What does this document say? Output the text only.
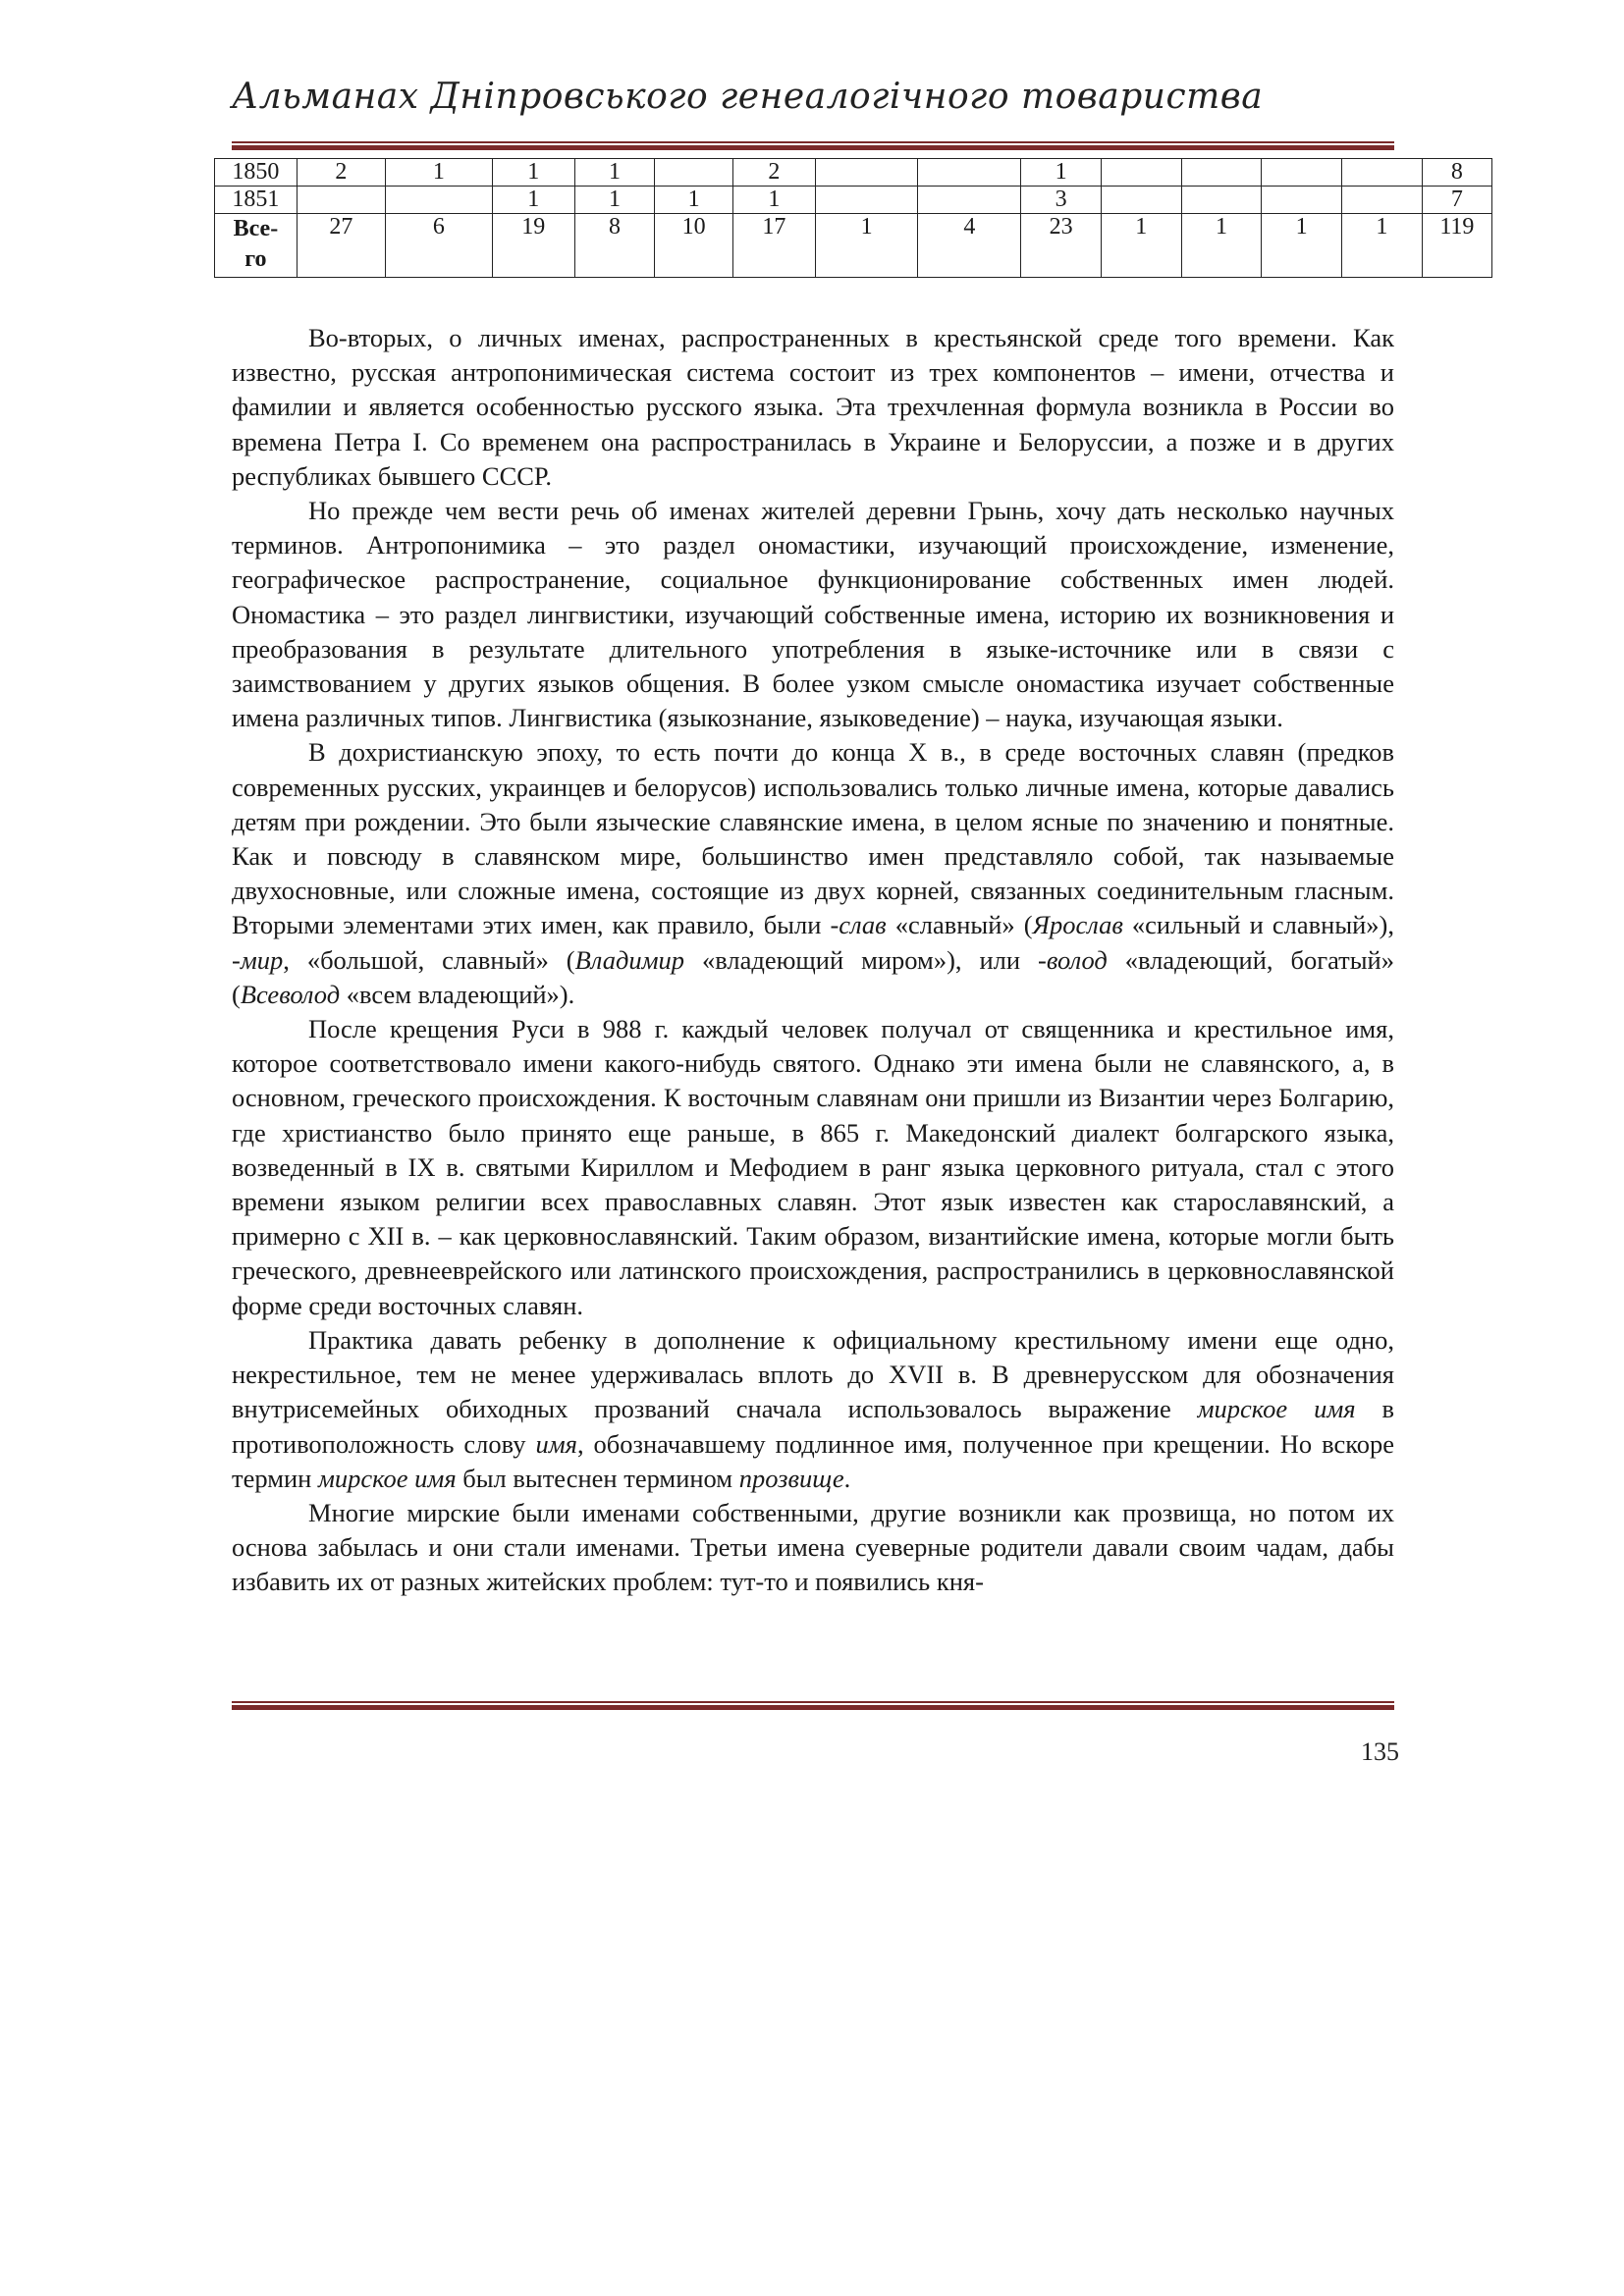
Альманах Дніпровського генеалогічного товариства
1850	2	1	1	1		2			1					8
1851			1	1	1	1			3					7
Все-
го	27	6	19	8	10	17	1	4	23	1	1	1	1	119

Во-вторых, о личных именах, распространенных в крестьянской среде того времени. Как известно, русская антропонимическая система состоит из трех компонентов – имени, отчества и фамилии и является особенностью русского языка. Эта трехчленная формула возникла в России во времена Петра I. Со временем она распространилась в Украине и Белоруссии, а позже и в других республиках бывшего СССР.

Но прежде чем вести речь об именах жителей деревни Грынь, хочу дать несколько научных терминов. Антропонимика – это раздел ономастики, изучающий происхождение, изменение, географическое распространение, социальное функционирование собственных имен людей. Ономастика – это раздел лингвистики, изучающий собственные имена, историю их возникновения и преобразования в результате длительного употребления в языке-источнике или в связи с заимствованием у других языков общения. В более узком смысле ономастика изучает собственные имена различных типов. Лингвистика (языкознание, языковедение) – наука, изучающая языки.

В дохристианскую эпоху, то есть почти до конца X в., в среде восточных славян (предков современных русских, украинцев и белорусов) использовались только личные имена, которые давались детям при рождении. Это были языческие славянские имена, в целом ясные по значению и понятные. Как и повсюду в славянском мире, большинство имен представляло собой, так называемые двухосновные, или сложные имена, состоящие из двух корней, связанных соединительным гласным. Вторыми элементами этих имен, как правило, были -слав «славный» (Ярослав «сильный и славный»), -мир, «большой, славный» (Владимир «владеющий миром»), или -волод «владеющий, богатый» (Всеволод «всем владеющий»).

После крещения Руси в 988 г. каждый человек получал от священника и крестильное имя, которое соответствовало имени какого-нибудь святого. Однако эти имена были не славянского, а, в основном, греческого происхождения. К восточным славянам они пришли из Византии через Болгарию, где христианство было принято еще раньше, в 865 г. Македонский диалект болгарского языка, возведенный в IX в. святыми Кириллом и Мефодием в ранг языка церковного ритуала, стал с этого времени языком религии всех православных славян. Этот язык известен как старославянский, а примерно с XII в. – как церковнославянский. Таким образом, византийские имена, которые могли быть греческого, древнееврейского или латинского происхождения, распространились в церковнославянской форме среди восточных славян.

Практика давать ребенку в дополнение к официальному крестильному имени еще одно, некрестильное, тем не менее удерживалась вплоть до XVII в. В древнерусском для обозначения внутрисемейных обиходных прозваний сначала использовалось выражение мирское имя в противоположность слову имя, обозначавшему подлинное имя, полученное при крещении. Но вскоре термин мирское имя был вытеснен термином прозвище.

Многие мирские были именами собственными, другие возникли как прозвища, но потом их основа забылась и они стали именами. Третьи имена суеверные родители давали своим чадам, дабы избавить их от разных житейских проблем: тут-то и появились кня-

135
